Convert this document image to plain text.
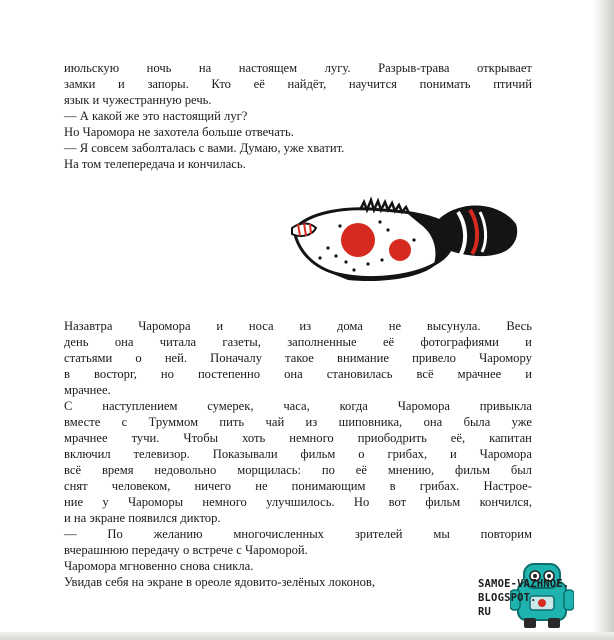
июльскую ночь на настоящем лугу. Разрыв-трава открывает
замки и запоры. Кто её найдёт, научится понимать птичий
язык и чужестранную речь.
— А какой же это настоящий луг?
Но Чаромора не захотела больше отвечать.
— Я совсем заболталась с вами. Думаю, уже хватит.
На том телепередача и кончилась.
Назавтра Чаромора и носа из дома не высунула. Весь
день она читала газеты, заполненные её фотографиями и
статьями о ней. Поначалу такое внимание привело Чаромору
в восторг, но постепенно она становилась всё мрачнее и
мрачнее.
С наступлением сумерек, часа, когда Чаромора привыкла
вместе с Труммом пить чай из шиповника, она была уже
мрачнее тучи. Чтобы хоть немного приободрить её, капитан
включил телевизор. Показывали фильм о грибах, и Чаромора
всё время недовольно морщилась: по её мнению, фильм был
снят человеком, ничего не понимающим в грибах. Настрое-
ние у Чароморы немного улучшилось. Но вот фильм кончился,
и на экране появился диктор.
— По желанию многочисленных зрителей мы повторим
вчерашнюю передачу о встрече с Чароморой.
Чаромора мгновенно снова сникла.
Увидав себя на экране в ореоле ядовито-зелёных локонов,	SAMOE-VAZHNOE.
BLOGSPOT.
RU
